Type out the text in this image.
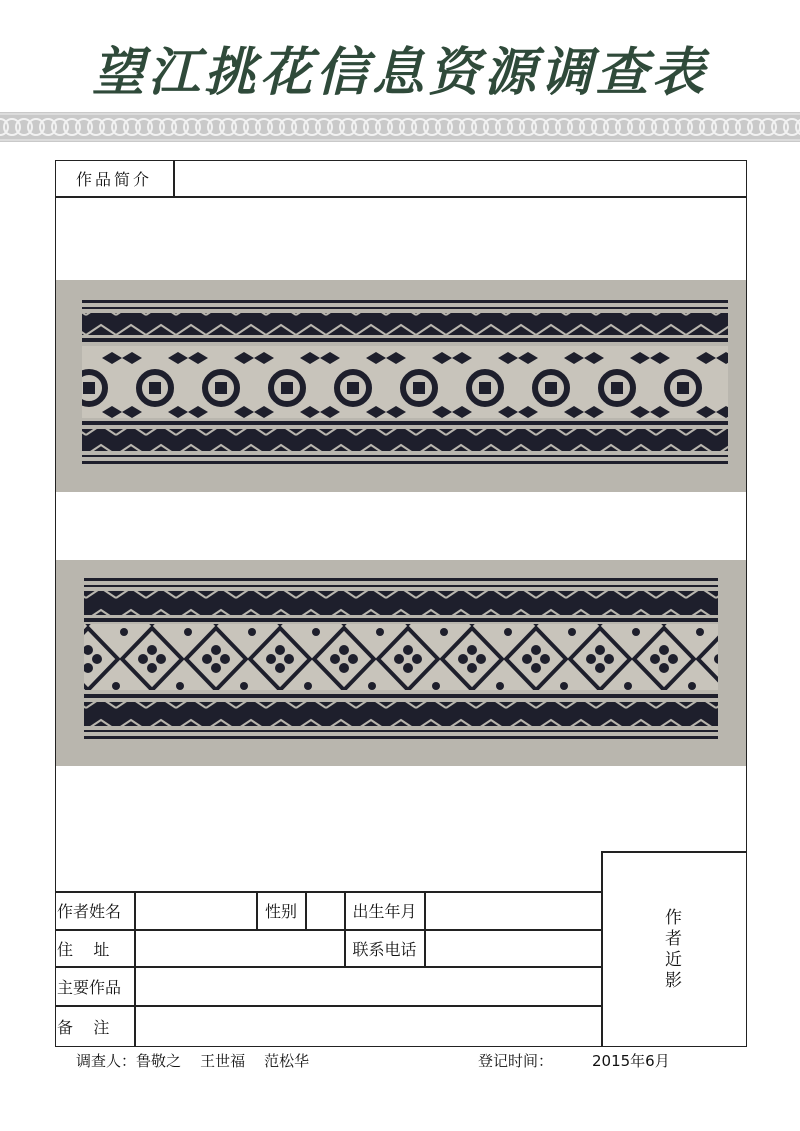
望江挑花信息资源调查表
作品简介
作者近影
作者姓名	性别	出生年月
住    址	联系电话
主要作品
备    注
调查人：鲁敬之    王世福    范松华	登记时间：	2015年6月
